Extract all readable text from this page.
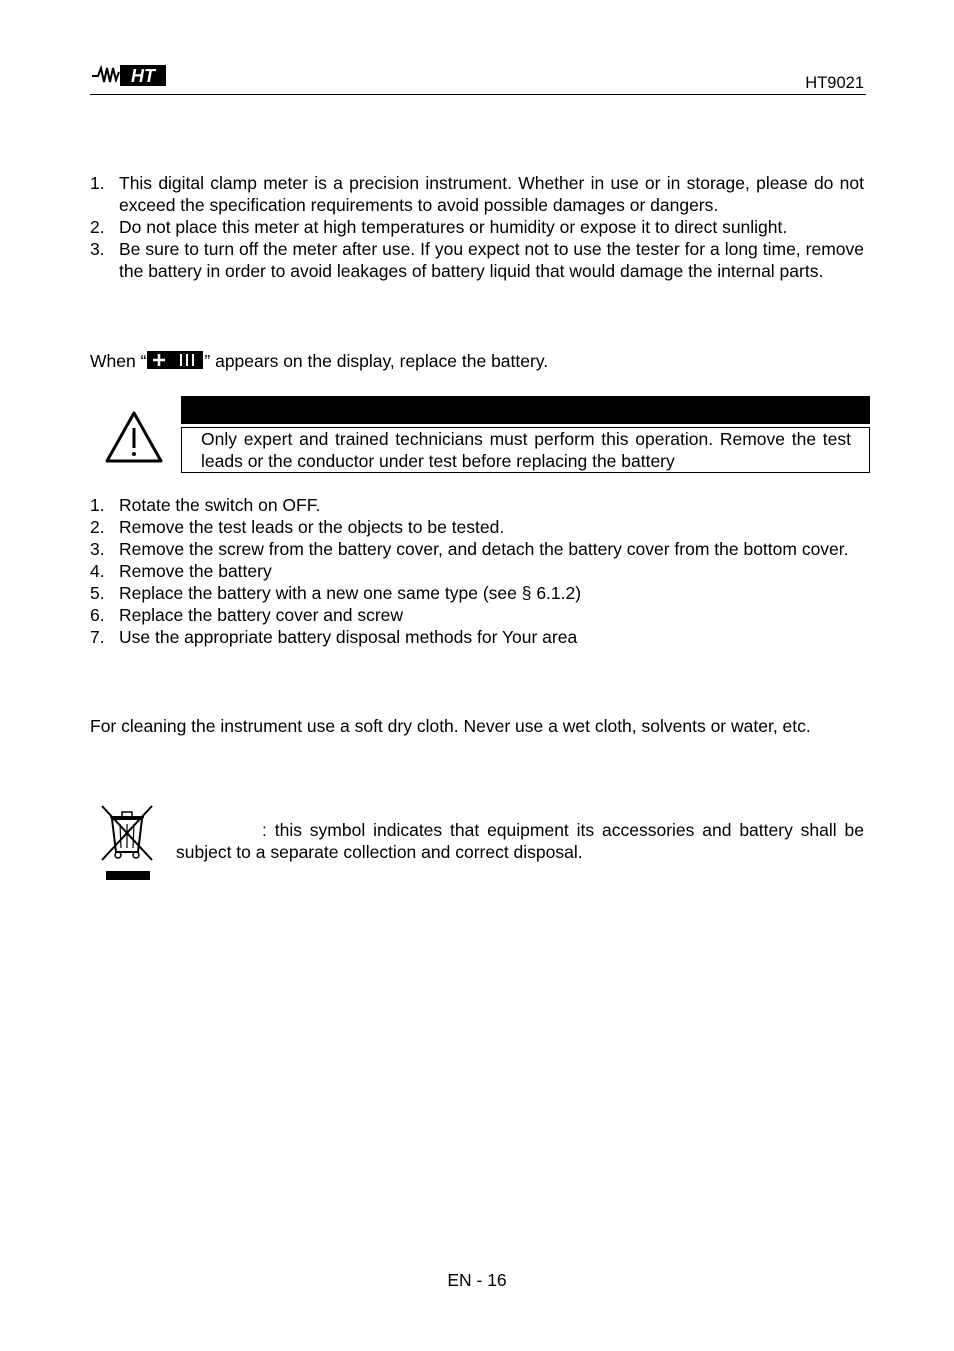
HT	HT9021
1. This digital clamp meter is a precision instrument. Whether in use or in storage, please do not exceed the specification requirements to avoid possible damages or dangers.
2. Do not place this meter at high temperatures or humidity or expose it to direct sunlight.
3. Be sure to turn off the meter after use. If you expect not to use the tester for a long time, remove the battery in order to avoid leakages of battery liquid that would damage the internal parts.
When “	” appears on the display, replace the battery.
Only expert and trained technicians must perform this operation. Remove the test leads or the conductor under test before replacing the battery
1. Rotate the switch on OFF.
2. Remove the test leads or the objects to be tested.
3. Remove the screw from the battery cover, and detach the battery cover from the bottom cover.
4. Remove the battery
5. Replace the battery with a new one same type (see § 6.1.2)
6. Replace the battery cover and screw
7. Use the appropriate battery disposal methods for Your area
For cleaning the instrument use a soft dry cloth. Never use a wet cloth, solvents or water, etc.
: this symbol indicates that equipment its accessories and battery shall be subject to a separate collection and correct disposal.
EN - 16
